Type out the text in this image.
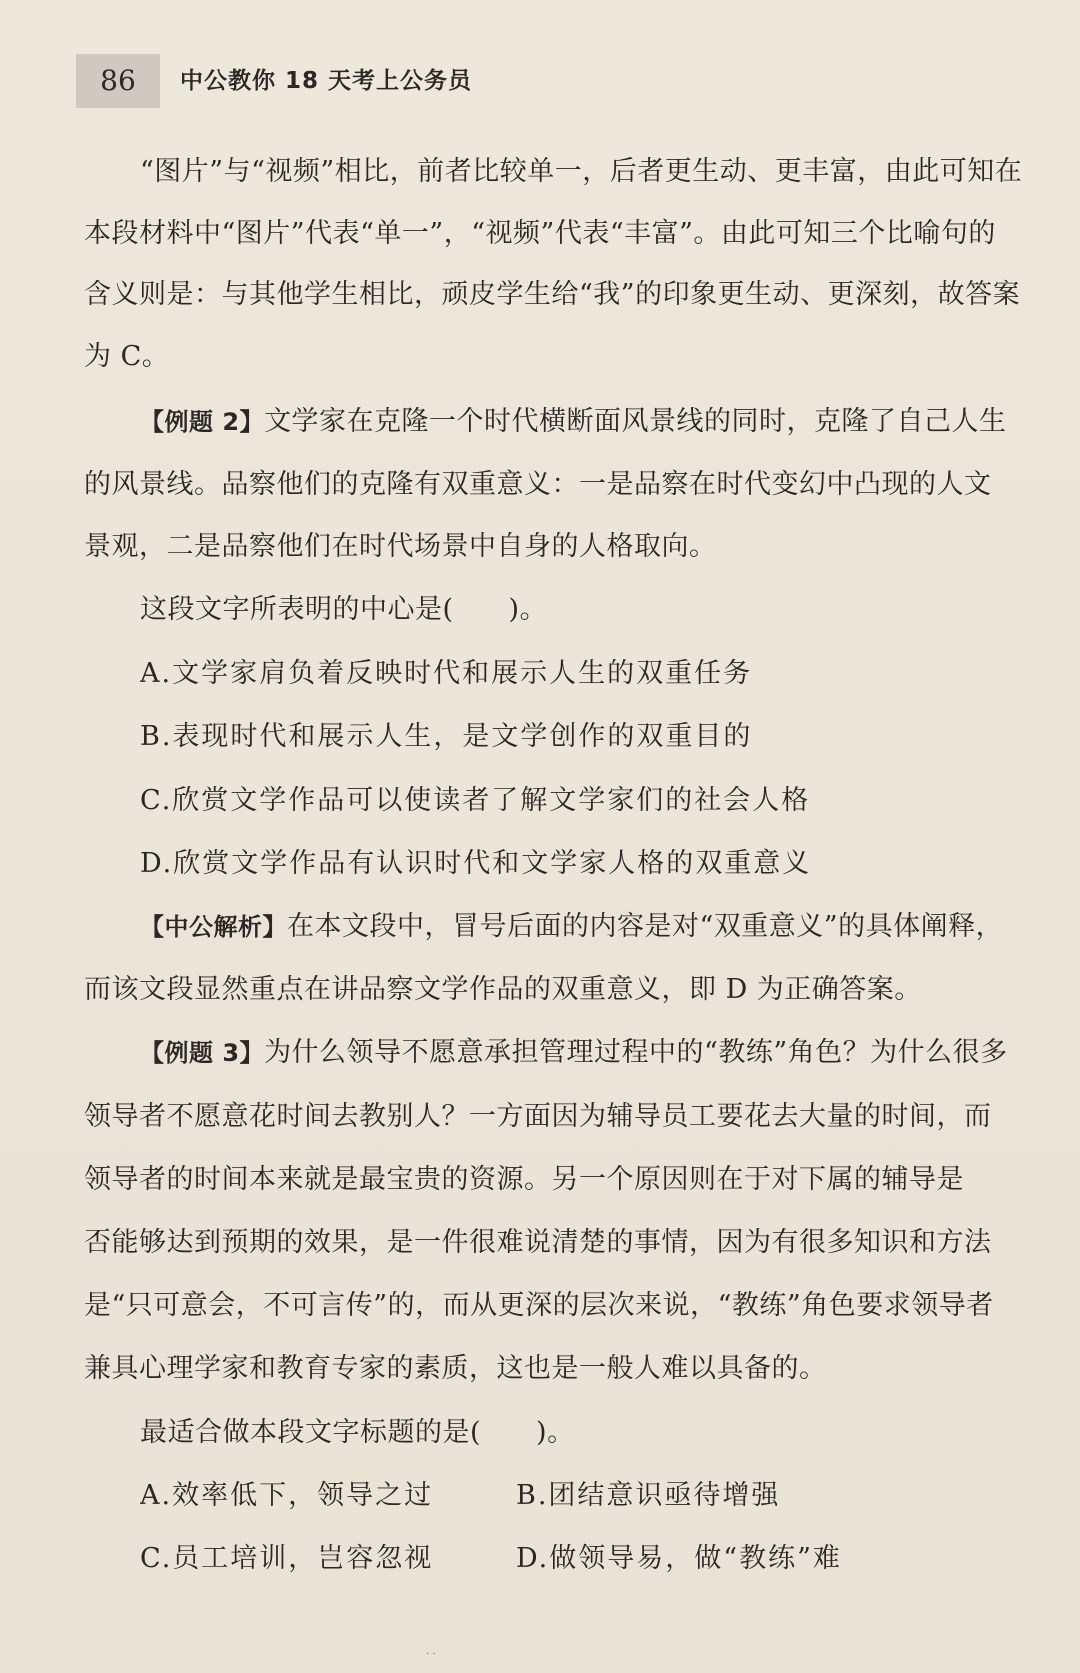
86	中公教你 18 天考上公务员
“图片”与“视频”相比，前者比较单一，后者更生动、更丰富，由此可知在
本段材料中“图片”代表“单一”，“视频”代表“丰富”。由此可知三个比喻句的
含义则是：与其他学生相比，顽皮学生给“我”的印象更生动、更深刻，故答案
为 C。
【例题 2】文学家在克隆一个时代横断面风景线的同时，克隆了自己人生
的风景线。品察他们的克隆有双重意义：一是品察在时代变幻中凸现的人文
景观，二是品察他们在时代场景中自身的人格取向。
这段文字所表明的中心是(　　)。
A.文学家肩负着反映时代和展示人生的双重任务
B.表现时代和展示人生，是文学创作的双重目的
C.欣赏文学作品可以使读者了解文学家们的社会人格
D.欣赏文学作品有认识时代和文学家人格的双重意义
【中公解析】在本文段中，冒号后面的内容是对“双重意义”的具体阐释，
而该文段显然重点在讲品察文学作品的双重意义，即 D 为正确答案。
【例题 3】为什么领导不愿意承担管理过程中的“教练”角色？为什么很多
领导者不愿意花时间去教别人？一方面因为辅导员工要花去大量的时间，而
领导者的时间本来就是最宝贵的资源。另一个原因则在于对下属的辅导是
否能够达到预期的效果，是一件很难说清楚的事情，因为有很多知识和方法
是“只可意会，不可言传”的，而从更深的层次来说，“教练”角色要求领导者
兼具心理学家和教育专家的素质，这也是一般人难以具备的。
最适合做本段文字标题的是(　　)。
A.效率低下，领导之过	B.团结意识亟待增强
C.员工培训，岂容忽视	D.做领导易，做“教练”难
· ·
